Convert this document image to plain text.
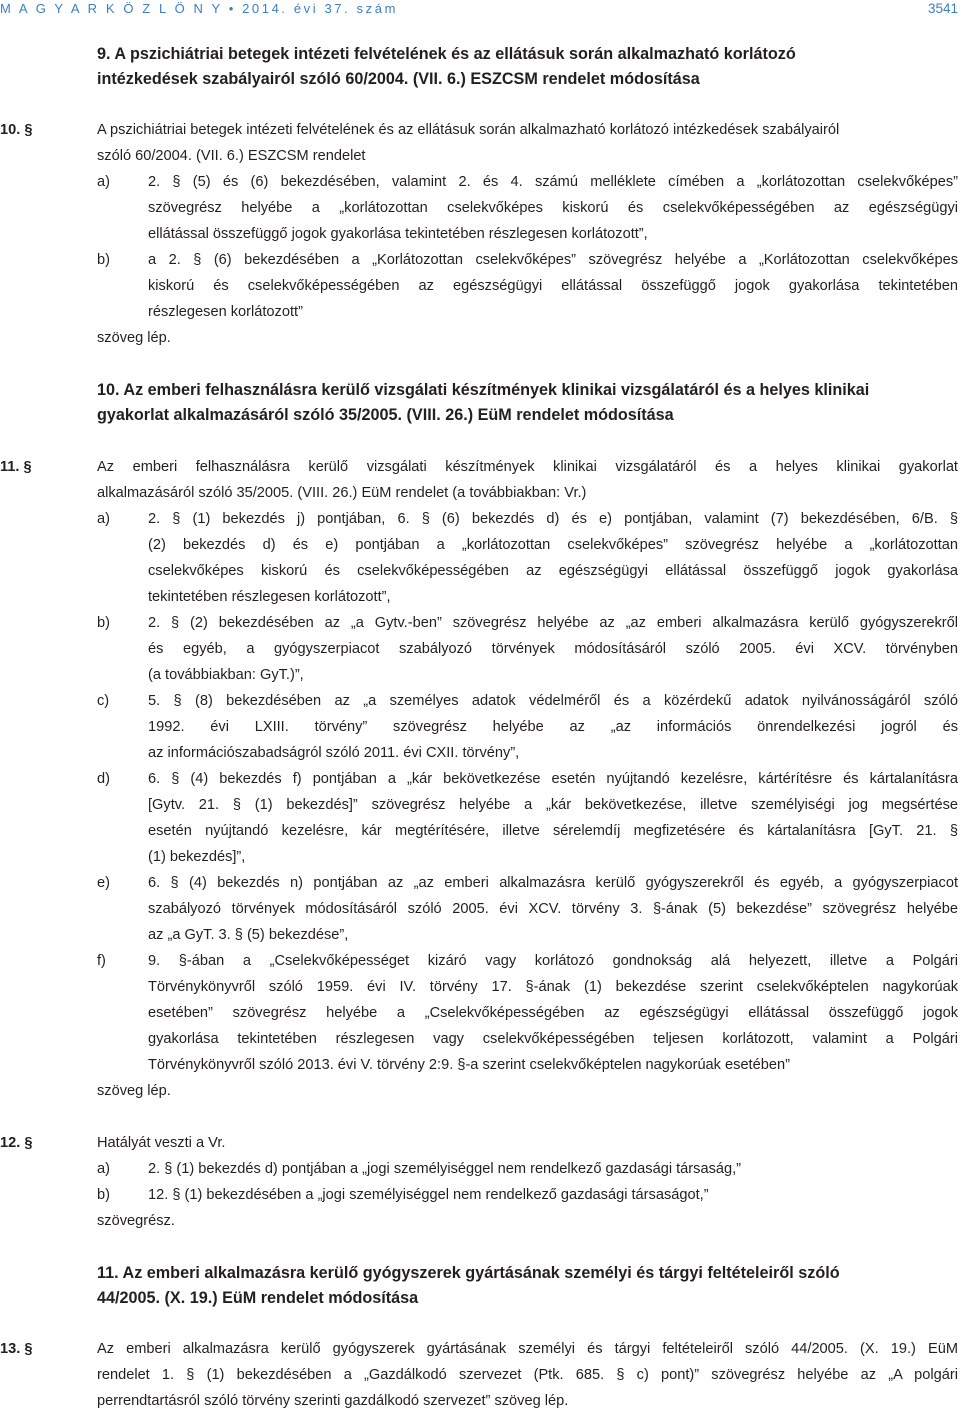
M A G Y A R K Ö Z L Ö N Y • 2014. évi 37. szám	3541
9. A pszichiátriai betegek intézeti felvételének és az ellátásuk során alkalmazható korlátozó
intézkedések szabályairól szóló 60/2004. (VII. 6.) ESZCSM rendelet módosítása
10. §	A pszichiátriai betegek intézeti felvételének és az ellátásuk során alkalmazható korlátozó intézkedések szabályairól
szóló 60/2004. (VII. 6.) ESZCSM rendelet
a)	2. § (5) és (6) bekezdésében, valamint 2. és 4. számú melléklete címében a „korlátozottan cselekvőképes”
szövegrész helyébe a „korlátozottan cselekvőképes kiskorú és cselekvőképességében az egészségügyi
ellátással összefüggő jogok gyakorlása tekintetében részlegesen korlátozott”,
b)	a 2. § (6) bekezdésében a „Korlátozottan cselekvőképes” szövegrész helyébe a „Korlátozottan cselekvőképes
kiskorú és cselekvőképességében az egészségügyi ellátással összefüggő jogok gyakorlása tekintetében
részlegesen korlátozott”
szöveg lép.
10. Az emberi felhasználásra kerülő vizsgálati készítmények klinikai vizsgálatáról és a helyes klinikai
gyakorlat alkalmazásáról szóló 35/2005. (VIII. 26.) EüM rendelet módosítása
11. §	Az emberi felhasználásra kerülő vizsgálati készítmények klinikai vizsgálatáról és a helyes klinikai gyakorlat
alkalmazásáról szóló 35/2005. (VIII. 26.) EüM rendelet (a továbbiakban: Vr.)
a)	2. § (1) bekezdés j) pontjában, 6. § (6) bekezdés d) és e) pontjában, valamint (7) bekezdésében, 6/B. §
(2) bekezdés d) és e) pontjában a „korlátozottan cselekvőképes” szövegrész helyébe a „korlátozottan
cselekvőképes kiskorú és cselekvőképességében az egészségügyi ellátással összefüggő jogok gyakorlása
tekintetében részlegesen korlátozott”,
b)	2. § (2) bekezdésében az „a Gytv.-ben” szövegrész helyébe az „az emberi alkalmazásra kerülő gyógyszerekről
és egyéb, a gyógyszerpiacot szabályozó törvények módosításáról szóló 2005. évi XCV. törvényben
(a továbbiakban: GyT.)”,
c)	5. § (8) bekezdésében az „a személyes adatok védelméről és a közérdekű adatok nyilvánosságáról szóló
1992. évi LXIII. törvény” szövegrész helyébe az „az információs önrendelkezési jogról és
az információszabadságról szóló 2011. évi CXII. törvény”,
d)	6. § (4) bekezdés f) pontjában a „kár bekövetkezése esetén nyújtandó kezelésre, kártérítésre és kártalanításra
[Gytv. 21. § (1) bekezdés]” szövegrész helyébe a „kár bekövetkezése, illetve személyiségi jog megsértése
esetén nyújtandó kezelésre, kár megtérítésére, illetve sérelemdíj megfizetésére és kártalanításra [GyT. 21. §
(1) bekezdés]”,
e)	6. § (4) bekezdés n) pontjában az „az emberi alkalmazásra kerülő gyógyszerekről és egyéb, a gyógyszerpiacot
szabályozó törvények módosításáról szóló 2005. évi XCV. törvény 3. §-ának (5) bekezdése” szövegrész helyébe
az „a GyT. 3. § (5) bekezdése”,
f)	9. §-ában a „Cselekvőképességet kizáró vagy korlátozó gondnokság alá helyezett, illetve a Polgári
Törvénykönyvről szóló 1959. évi IV. törvény 17. §-ának (1) bekezdése szerint cselekvőképtelen nagykorúak
esetében” szövegrész helyébe a „Cselekvőképességében az egészségügyi ellátással összefüggő jogok
gyakorlása tekintetében részlegesen vagy cselekvőképességében teljesen korlátozott, valamint a Polgári
Törvénykönyvről szóló 2013. évi V. törvény 2:9. §-a szerint cselekvőképtelen nagykorúak esetében”
szöveg lép.
12. §	Hatályát veszti a Vr.
a)	2. § (1) bekezdés d) pontjában a „jogi személyiséggel nem rendelkező gazdasági társaság,”
b)	12. § (1) bekezdésében a „jogi személyiséggel nem rendelkező gazdasági társaságot,”
szövegrész.
11. Az emberi alkalmazásra kerülő gyógyszerek gyártásának személyi és tárgyi feltételeiről szóló
44/2005. (X. 19.) EüM rendelet módosítása
13. §	Az emberi alkalmazásra kerülő gyógyszerek gyártásának személyi és tárgyi feltételeiről szóló 44/2005. (X. 19.) EüM
rendelet 1. § (1) bekezdésében a „Gazdálkodó szervezet (Ptk. 685. § c) pont)” szövegrész helyébe az „A polgári
perrendtartásról szóló törvény szerinti gazdálkodó szervezet” szöveg lép.
